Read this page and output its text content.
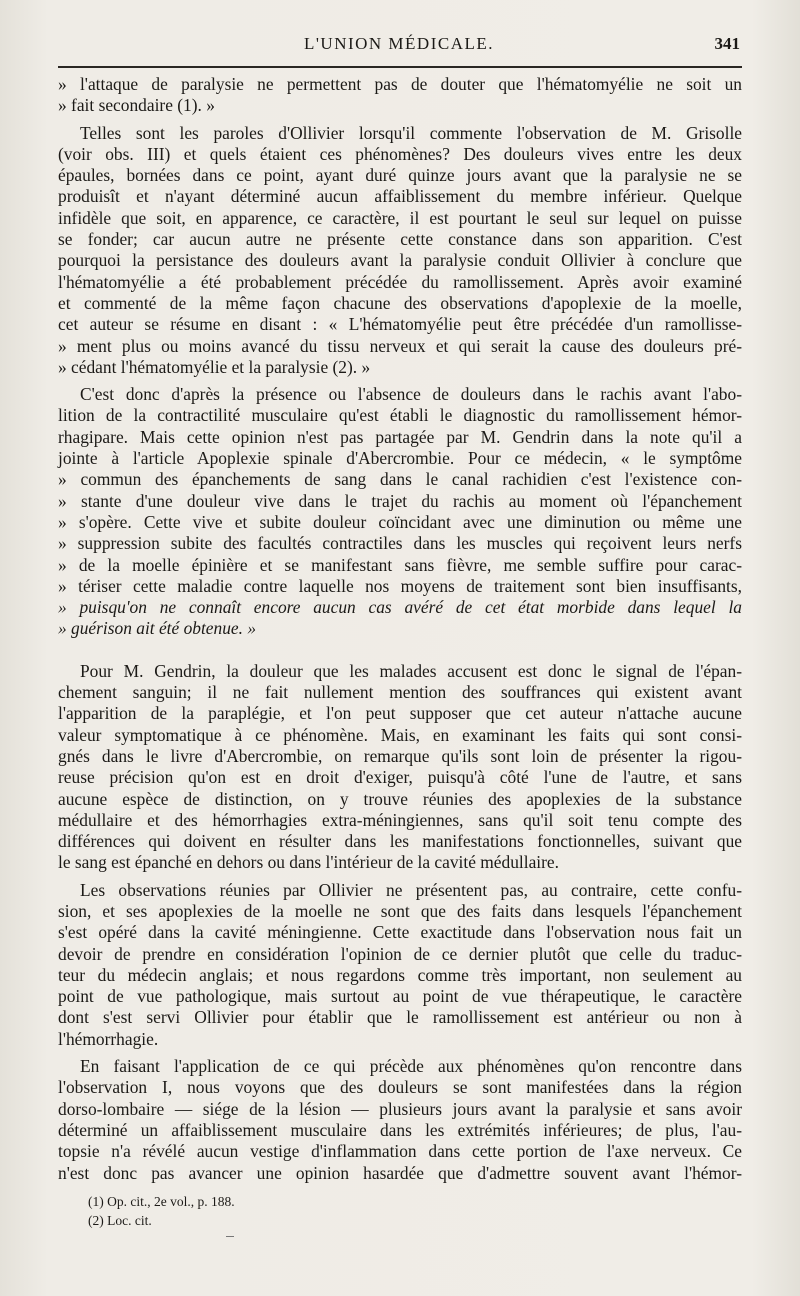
L'UNION MÉDICALE.	341
» l'attaque de paralysie ne permettent pas de douter que l'hématomyélie ne soit un
» fait secondaire (1). »
Telles sont les paroles d'Ollivier lorsqu'il commente l'observation de M. Grisolle
(voir obs. III) et quels étaient ces phénomènes? Des douleurs vives entre les deux
épaules, bornées dans ce point, ayant duré quinze jours avant que la paralysie ne se
produisît et n'ayant déterminé aucun affaiblissement du membre inférieur. Quelque
infidèle que soit, en apparence, ce caractère, il est pourtant le seul sur lequel on puisse
se fonder; car aucun autre ne présente cette constance dans son apparition. C'est
pourquoi la persistance des douleurs avant la paralysie conduit Ollivier à conclure que
l'hématomyélie a été probablement précédée du ramollissement. Après avoir examiné
et commenté de la même façon chacune des observations d'apoplexie de la moelle,
cet auteur se résume en disant : « L'hématomyélie peut être précédée d'un ramollisse-
» ment plus ou moins avancé du tissu nerveux et qui serait la cause des douleurs pré-
» cédant l'hématomyélie et la paralysie (2). »
C'est donc d'après la présence ou l'absence de douleurs dans le rachis avant l'abo-
lition de la contractilité musculaire qu'est établi le diagnostic du ramollissement hémor-
rhagipare. Mais cette opinion n'est pas partagée par M. Gendrin dans la note qu'il a
jointe à l'article Apoplexie spinale d'Abercrombie. Pour ce médecin, « le symptôme
» commun des épanchements de sang dans le canal rachidien c'est l'existence con-
» stante d'une douleur vive dans le trajet du rachis au moment où l'épanchement
» s'opère. Cette vive et subite douleur coïncidant avec une diminution ou même une
» suppression subite des facultés contractiles dans les muscles qui reçoivent leurs nerfs
» de la moelle épinière et se manifestant sans fièvre, me semble suffire pour carac-
» tériser cette maladie contre laquelle nos moyens de traitement sont bien insuffisants,
» puisqu'on ne connaît encore aucun cas avéré de cet état morbide dans lequel la
» guérison ait été obtenue. »
Pour M. Gendrin, la douleur que les malades accusent est donc le signal de l'épan-
chement sanguin; il ne fait nullement mention des souffrances qui existent avant
l'apparition de la paraplégie, et l'on peut supposer que cet auteur n'attache aucune
valeur symptomatique à ce phénomène. Mais, en examinant les faits qui sont consi-
gnés dans le livre d'Abercrombie, on remarque qu'ils sont loin de présenter la rigou-
reuse précision qu'on est en droit d'exiger, puisqu'à côté l'une de l'autre, et sans
aucune espèce de distinction, on y trouve réunies des apoplexies de la substance
médullaire et des hémorrhagies extra-méningiennes, sans qu'il soit tenu compte des
différences qui doivent en résulter dans les manifestations fonctionnelles, suivant que
le sang est épanché en dehors ou dans l'intérieur de la cavité médullaire.
Les observations réunies par Ollivier ne présentent pas, au contraire, cette confu-
sion, et ses apoplexies de la moelle ne sont que des faits dans lesquels l'épanchement
s'est opéré dans la cavité méningienne. Cette exactitude dans l'observation nous fait un
devoir de prendre en considération l'opinion de ce dernier plutôt que celle du traduc-
teur du médecin anglais; et nous regardons comme très important, non seulement au
point de vue pathologique, mais surtout au point de vue thérapeutique, le caractère
dont s'est servi Ollivier pour établir que le ramollissement est antérieur ou non à
l'hémorrhagie.
En faisant l'application de ce qui précède aux phénomènes qu'on rencontre dans
l'observation I, nous voyons que des douleurs se sont manifestées dans la région
dorso-lombaire — siége de la lésion — plusieurs jours avant la paralysie et sans avoir
déterminé un affaiblissement musculaire dans les extrémités inférieures; de plus, l'au-
topsie n'a révélé aucun vestige d'inflammation dans cette portion de l'axe nerveux. Ce
n'est donc pas avancer une opinion hasardée que d'admettre souvent avant l'hémor-
(1) Op. cit., 2e vol., p. 188.
(2) Loc. cit.
